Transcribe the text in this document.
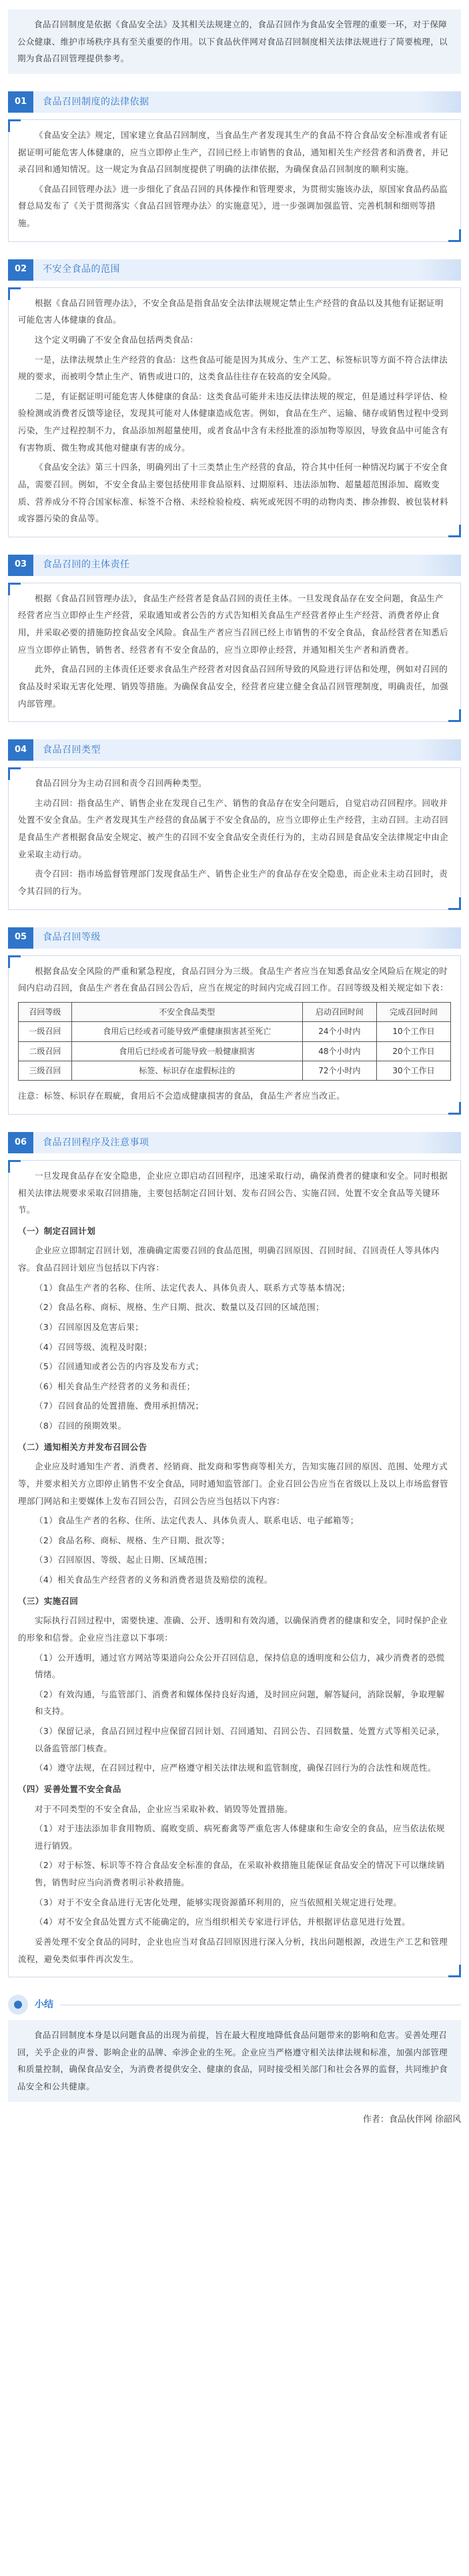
食品召回制度是依据《食品安全法》及其相关法规建立的，食品召回作为食品安全管理的重要一环，对于保障公众健康、维护市场秩序具有至关重要的作用。以下食品伙伴网对食品召回制度相关法律法规进行了简要梳理，以期为食品召回管理提供参考。

01	食品召回制度的法律依据

《食品安全法》规定，国家建立食品召回制度，当食品生产者发现其生产的食品不符合食品安全标准或者有证据证明可能危害人体健康的，应当立即停止生产，召回已经上市销售的食品，通知相关生产经营者和消费者，并记录召回和通知情况。这一规定为食品召回制度提供了明确的法律依据，为确保食品召回制度的顺利实施。

《食品召回管理办法》进一步细化了食品召回的具体操作和管理要求，为贯彻实施该办法，原国家食品药品监督总局发布了《关于贯彻落实〈食品召回管理办法〉的实施意见》，进一步强调加强监管、完善机制和细则等措施。

02	不安全食品的范围

根据《食品召回管理办法》，不安全食品是指食品安全法律法规规定禁止生产经营的食品以及其他有证据证明可能危害人体健康的食品。

这个定义明确了不安全食品包括两类食品：

一是，法律法规禁止生产经营的食品：这些食品可能是因为其成分、生产工艺、标签标识等方面不符合法律法规的要求，而被明令禁止生产、销售或进口的，这类食品往往存在较高的安全风险。

二是，有证据证明可能危害人体健康的食品：这类食品可能并未违反法律法规的规定，但是通过科学评估、检验检测或消费者反馈等途径，发现其可能对人体健康造成危害。例如，食品在生产、运输、储存或销售过程中受到污染，生产过程控制不力，食品添加剂超量使用，或者食品中含有未经批准的添加物等原因，导致食品中可能含有有害物质、微生物或其他对健康有害的成分。

《食品安全法》第三十四条，明确列出了十三类禁止生产经营的食品，符合其中任何一种情况均属于不安全食品，需要召回。例如，不安全食品主要包括使用非食品原料、过期原料、违法添加物、超量超范围添加、腐败变质、营养成分不符合国家标准、标签不合格、未经检验检疫、病死或死因不明的动物肉类、掺杂掺假、被包装材料或容器污染的食品等。

03	食品召回的主体责任

根据《食品召回管理办法》，食品生产经营者是食品召回的责任主体。一旦发现食品存在安全问题，食品生产经营者应当立即停止生产经营，采取通知或者公告的方式告知相关食品生产经营者停止生产经营、消费者停止食用，并采取必要的措施防控食品安全风险。食品生产者应当召回已经上市销售的不安全食品，食品经营者在知悉后应当立即停止销售，销售者、经营者有不安全食品的，应当立即停止经营，并通知相关生产者和消费者。

此外，食品召回的主体责任还要求食品生产经营者对因食品召回所导致的风险进行评估和处理，例如对召回的食品及时采取无害化处理、销毁等措施。为确保食品安全，经营者应建立健全食品召回管理制度，明确责任，加强内部管理。

04	食品召回类型

食品召回分为主动召回和责令召回两种类型。

主动召回：指食品生产、销售企业在发现自己生产、销售的食品存在安全问题后，自觉启动召回程序。回收并处置不安全食品。生产者发现其生产经营的食品属于不安全食品的，应当立即停止生产经营，主动召回。主动召回是食品生产者根据食品安全规定、被产生的召回不安全食品安全责任行为的，主动召回是食品安全法律规定中由企业采取主动行动。

责令召回：指市场监督管理部门发现食品生产、销售企业生产的食品存在安全隐患，而企业未主动召回时，责令其召回的行为。

05	食品召回等级

根据食品安全风险的严重和紧急程度，食品召回分为三级。食品生产者应当在知悉食品安全风险后在规定的时间内启动召回，食品生产者在食品召回公告后，应当在规定的时间内完成召回工作。召回等级及相关规定如下表：

召回等级	不安全食品类型	启动召回时间	完成召回时间
一级召回	食用后已经或者可能导致严重健康损害甚至死亡	24个小时内	10个工作日
二级召回	食用后已经或者可能导致一般健康损害	48个小时内	20个工作日
三级召回	标签、标识存在虚假标注的	72个小时内	30个工作日

注意：标签、标识存在瑕疵，食用后不会造成健康损害的食品，食品生产者应当改正。

06	食品召回程序及注意事项

一旦发现食品存在安全隐患，企业应立即启动召回程序，迅速采取行动，确保消费者的健康和安全。同时根据相关法律法规要求采取召回措施，主要包括制定召回计划、发布召回公告、实施召回、处置不安全食品等关键环节。

（一）制定召回计划

企业应立即制定召回计划，准确确定需要召回的食品范围，明确召回原因、召回时间、召回责任人等具体内容。食品召回计划应当包括以下内容：

（1）食品生产者的名称、住所、法定代表人、具体负责人、联系方式等基本情况；

（2）食品名称、商标、规格、生产日期、批次、数量以及召回的区域范围；

（3）召回原因及危害后果；

（4）召回等级、流程及时限；

（5）召回通知或者公告的内容及发布方式；

（6）相关食品生产经营者的义务和责任；

（7）召回食品的处置措施、费用承担情况；

（8）召回的预期效果。

（二）通知相关方并发布召回公告

企业应及时通知生产者、消费者、经销商、批发商和零售商等相关方，告知实施召回的原因、范围、处理方式等，并要求相关方立即停止销售不安全食品，同时通知监管部门。企业召回公告应当在省级以上及以上市场监督管理部门网站和主要媒体上发布召回公告，召回公告应当包括以下内容：

（1）食品生产者的名称、住所、法定代表人、具体负责人、联系电话、电子邮箱等；

（2）食品名称、商标、规格、生产日期、批次等；

（3）召回原因、等级、起止日期、区域范围；

（4）相关食品生产经营者的义务和消费者退货及赔偿的流程。

（三）实施召回

实际执行召回过程中，需要快速、准确、公开、透明和有效沟通，以确保消费者的健康和安全，同时保护企业的形象和信誉。企业应当注意以下事项：

（1）公开透明，通过官方网站等渠道向公众公开召回信息，保持信息的透明度和公信力，减少消费者的恐慌情绪。

（2）有效沟通，与监管部门、消费者和媒体保持良好沟通，及时回应问题，解答疑问，消除误解，争取理解和支持。

（3）保留记录，食品召回过程中应保留召回计划、召回通知、召回公告、召回数量、处置方式等相关记录，以备监管部门核查。

（4）遵守法规，在召回过程中，应严格遵守相关法律法规和监管制度，确保召回行为的合法性和规范性。

（四）妥善处置不安全食品

对于不同类型的不安全食品，企业应当采取补救、销毁等处置措施。

（1）对于违法添加非食用物质、腐败变质、病死畜禽等严重危害人体健康和生命安全的食品，应当依法依规进行销毁。

（2）对于标签、标识等不符合食品安全标准的食品，在采取补救措施且能保证食品安全的情况下可以继续销售，销售时应当向消费者明示补救措施。

（3）对于不安全食品进行无害化处理，能够实现资源循环利用的，应当依照相关规定进行处理。

（4）对不安全食品处置方式不能确定的，应当组织相关专家进行评估，并根据评估意见进行处置。

妥善处理不安全食品的同时，企业也应当对食品召回原因进行深入分析，找出问题根源，改进生产工艺和管理流程，避免类似事件再次发生。

小结

食品召回制度本身是以问题食品的出现为前提，旨在最大程度地降低食品问题带来的影响和危害。妥善处理召回，关乎企业的声誉、影响企业的品牌、牵涉企业的生死。企业应当严格遵守相关法律法规和标准，加强内部管理和质量控制，确保食品安全，为消费者提供安全、健康的食品，同时接受相关部门和社会各界的监督，共同维护食品安全和公共健康。

作者：食品伙伴网 徐韶风
